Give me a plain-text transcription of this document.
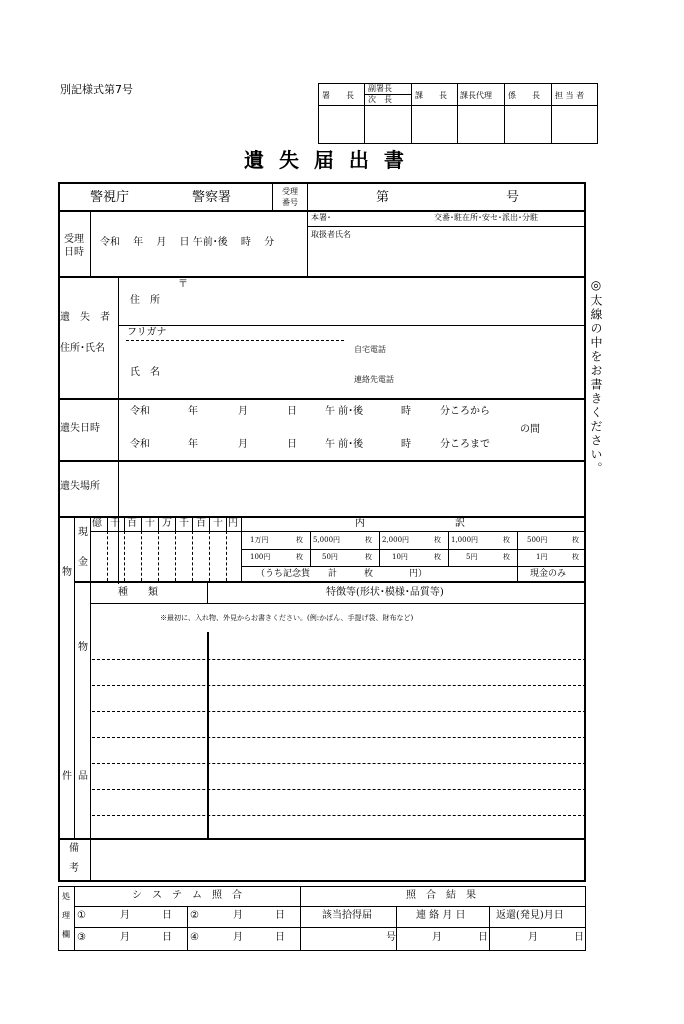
別記様式第7号	署　　長
副署長
次　長	課　　長 課長代理 係　　長 担 当 者
遺 失 届 出 書
◎太線の中をお書きください。
警視庁	警察署	受理番号	第	号
受理日時
令和　 年　 月　 日 午前･後　 時　 分
本署･	交番･駐在所･安セ･派出･分駐
取扱者氏名
遺　失　者
住所･氏名
〒
住　所
フリガナ
自宅電話
氏　名
連絡先電話
遺失日時
令和	年	月	日	午 前･後	時	分ころから
の間
令和	年	月	日	午 前･後	時	分ころまで
遺失場所
物
現
金
億 千 百 十 万 千 百 十 円	内　　　　　　　　　訳
1万円	枚 5,000円	枚 2,000円	枚 1,000円	枚 500円	枚
100円	枚	50円	枚	10円	枚	5円	枚	1円	枚
（うち記念貨　　計　　　枚　　　　円）	現金のみ
件
物
品
種　　類	特徴等(形状･模様･品質等)
※最初に、入れ物、外見からお書きください。(例:かばん、手提げ袋、財布など)
備
考
処
理
欄
シ　ス　テ　ム　照　合	照　合　結　果
①	月	日 ②	月	日	該当拾得届	連 絡 月 日	返還(発見)月日
③	月	日 ④	月	日	号	月	日	月	日
